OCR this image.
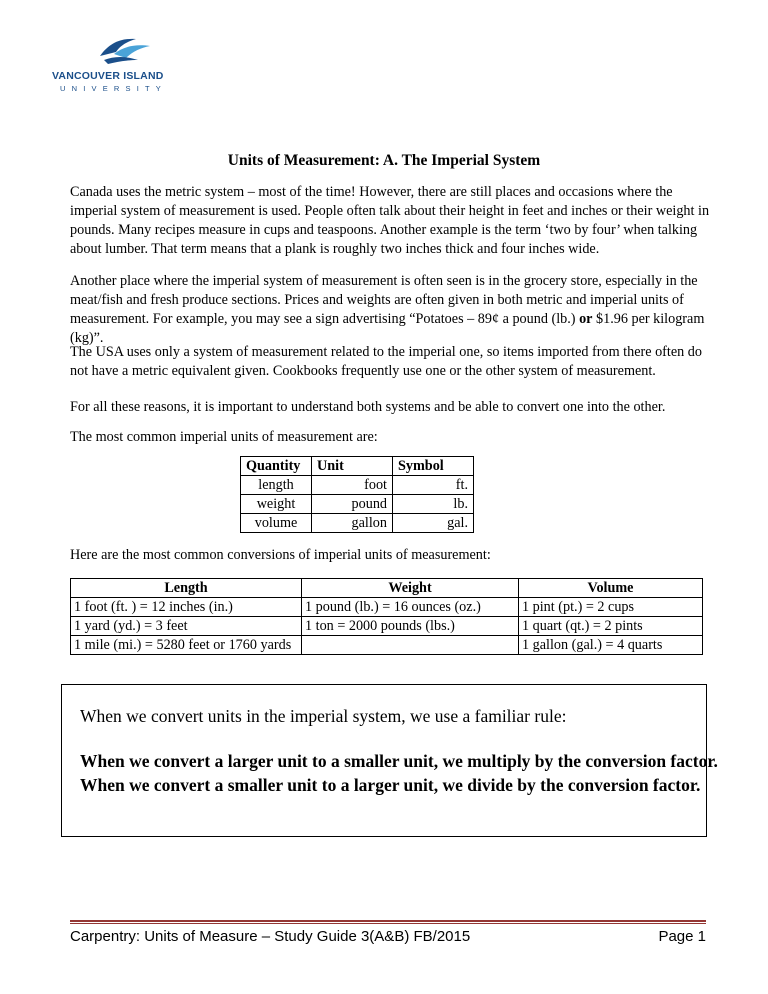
VANCOUVER ISLAND
UNIVERSITY
Units of Measurement: A. The Imperial System

Canada uses the metric system – most of the time! However, there are still places and occasions where the imperial system of measurement is used. People often talk about their height in feet and inches or their weight in pounds. Many recipes measure in cups and teaspoons. Another example is the term ‘two by four’ when talking about lumber. That term means that a plank is roughly two inches thick and four inches wide.

Another place where the imperial system of measurement is often seen is in the grocery store, especially in the meat/fish and fresh produce sections. Prices and weights are often given in both metric and imperial units of measurement. For example, you may see a sign advertising “Potatoes – 89¢ a pound (lb.) or $1.96 per kilogram (kg)”.

The USA uses only a system of measurement related to the imperial one, so items imported from there often do not have a metric equivalent given. Cookbooks frequently use one or the other system of measurement.

For all these reasons, it is important to understand both systems and be able to convert one into the other.

The most common imperial units of measurement are:

Quantity	Unit	Symbol
length	foot	ft.
weight	pound	lb.
volume	gallon	gal.

Here are the most common conversions of imperial units of measurement:

Length	Weight	Volume
1 foot (ft. ) = 12 inches (in.)	1 pound (lb.) = 16 ounces (oz.)	1 pint (pt.) = 2 cups
1 yard (yd.) = 3 feet	1 ton = 2000 pounds (lbs.)	1 quart (qt.) = 2 pints
1 mile (mi.) = 5280 feet or 1760 yards		1 gallon (gal.) = 4 quarts

When we convert units in the imperial system, we use a familiar rule:

When we convert a larger unit to a smaller unit, we multiply by the conversion factor.

When we convert a smaller unit to a larger unit, we divide by the conversion factor.

Carpentry: Units of Measure – Study Guide 3(A&B) FB/2015	Page 1
